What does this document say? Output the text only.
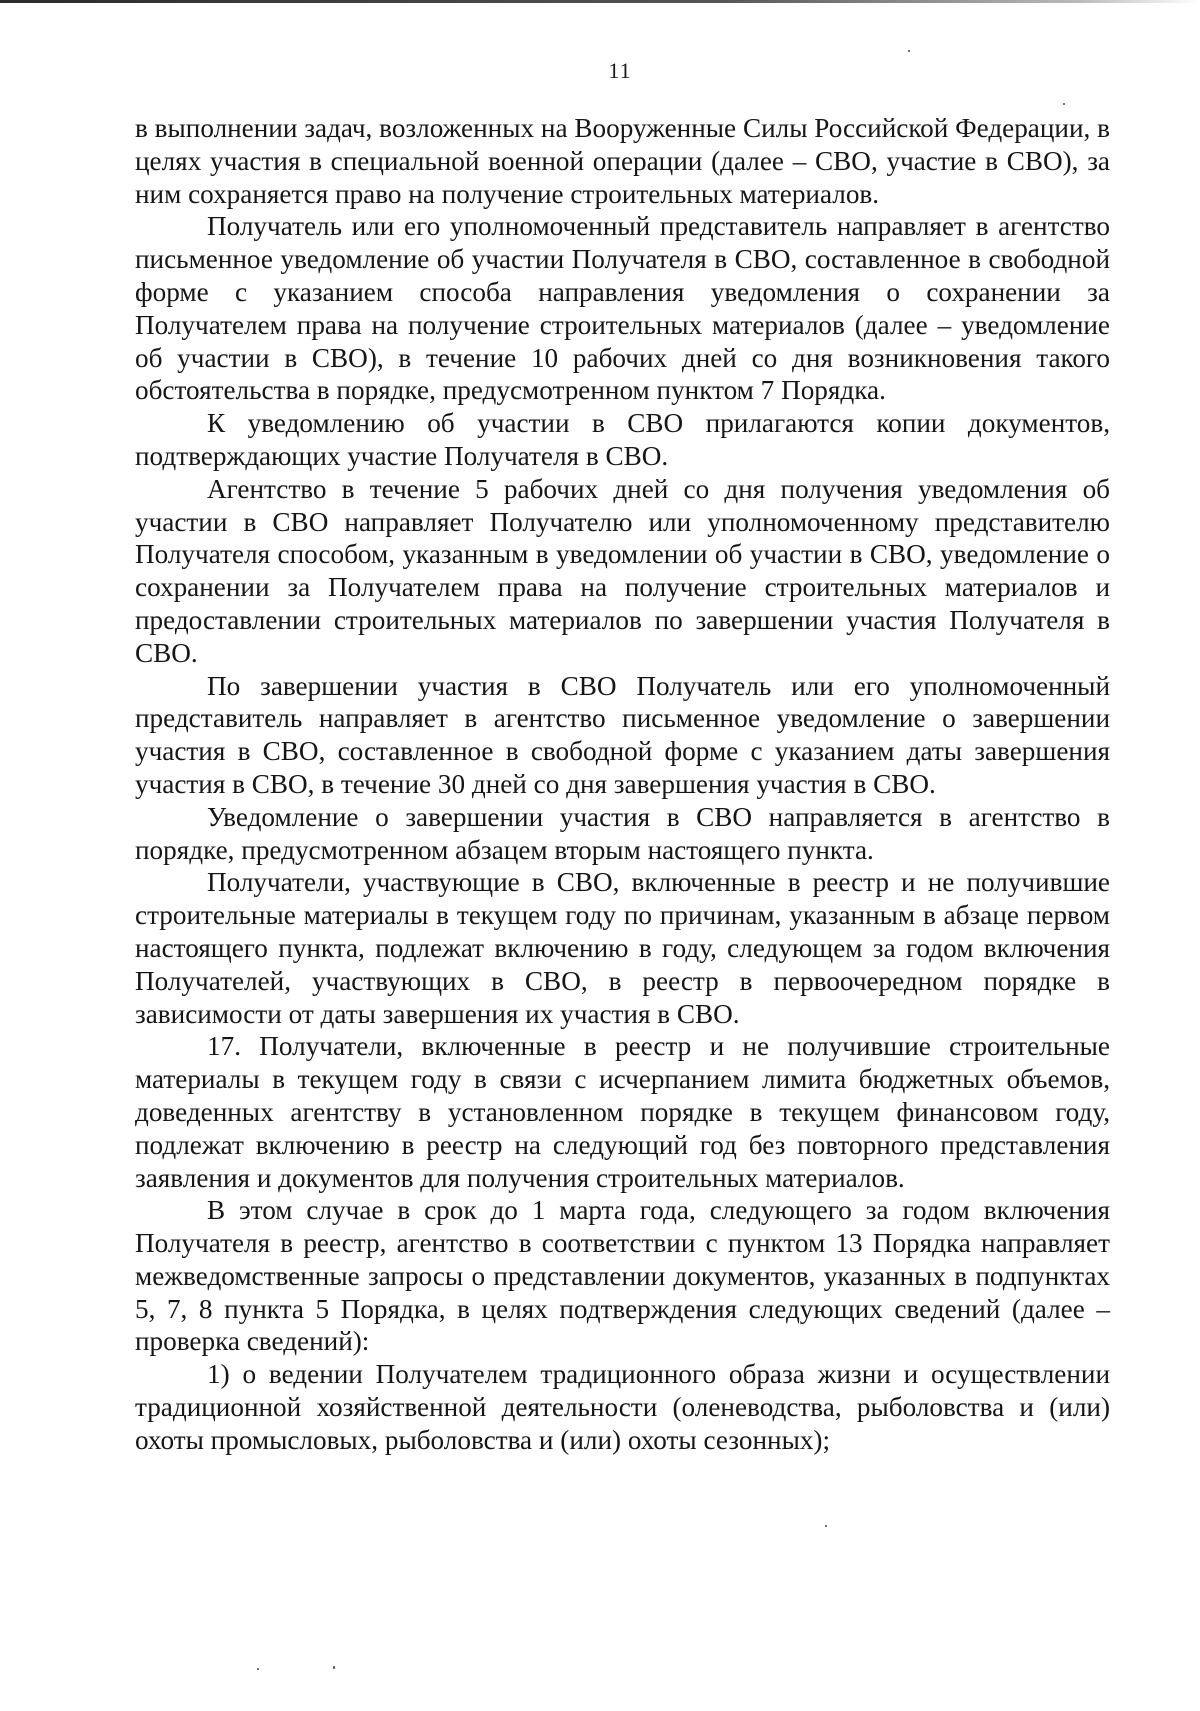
11

в выполнении задач, возложенных на Вооруженные Силы Российской Федерации, в целях участия в специальной военной операции (далее – СВО, участие в СВО), за ним сохраняется право на получение строительных материалов.

Получатель или его уполномоченный представитель направляет в агентство письменное уведомление об участии Получателя в СВО, составленное в свободной форме с указанием способа направления уведомления о сохранении за Получателем права на получение строительных материалов (далее – уведомление об участии в СВО), в течение 10 рабочих дней со дня возникновения такого обстоятельства в порядке, предусмотренном пунктом 7 Порядка.

К уведомлению об участии в СВО прилагаются копии документов, подтверждающих участие Получателя в СВО.

Агентство в течение 5 рабочих дней со дня получения уведомления об участии в СВО направляет Получателю или уполномоченному представителю Получателя способом, указанным в уведомлении об участии в СВО, уведомление о сохранении за Получателем права на получение строительных материалов и предоставлении строительных материалов по завершении участия Получателя в СВО.

По завершении участия в СВО Получатель или его уполномоченный представитель направляет в агентство письменное уведомление о завершении участия в СВО, составленное в свободной форме с указанием даты завершения участия в СВО, в течение 30 дней со дня завершения участия в СВО.

Уведомление о завершении участия в СВО направляется в агентство в порядке, предусмотренном абзацем вторым настоящего пункта.

Получатели, участвующие в СВО, включенные в реестр и не получившие строительные материалы в текущем году по причинам, указанным в абзаце первом настоящего пункта, подлежат включению в году, следующем за годом включения Получателей, участвующих в СВО, в реестр в первоочередном порядке в зависимости от даты завершения их участия в СВО.

17. Получатели, включенные в реестр и не получившие строительные материалы в текущем году в связи с исчерпанием лимита бюджетных объемов, доведенных агентству в установленном порядке в текущем финансовом году, подлежат включению в реестр на следующий год без повторного представления заявления и документов для получения строительных материалов.

В этом случае в срок до 1 марта года, следующего за годом включения Получателя в реестр, агентство в соответствии с пунктом 13 Порядка направляет межведомственные запросы о представлении документов, указанных в подпунктах 5, 7, 8 пункта 5 Порядка, в целях подтверждения следующих сведений (далее – проверка сведений):

1) о ведении Получателем традиционного образа жизни и осуществлении традиционной хозяйственной деятельности (оленеводства, рыболовства и (или) охоты промысловых, рыболовства и (или) охоты сезонных);
